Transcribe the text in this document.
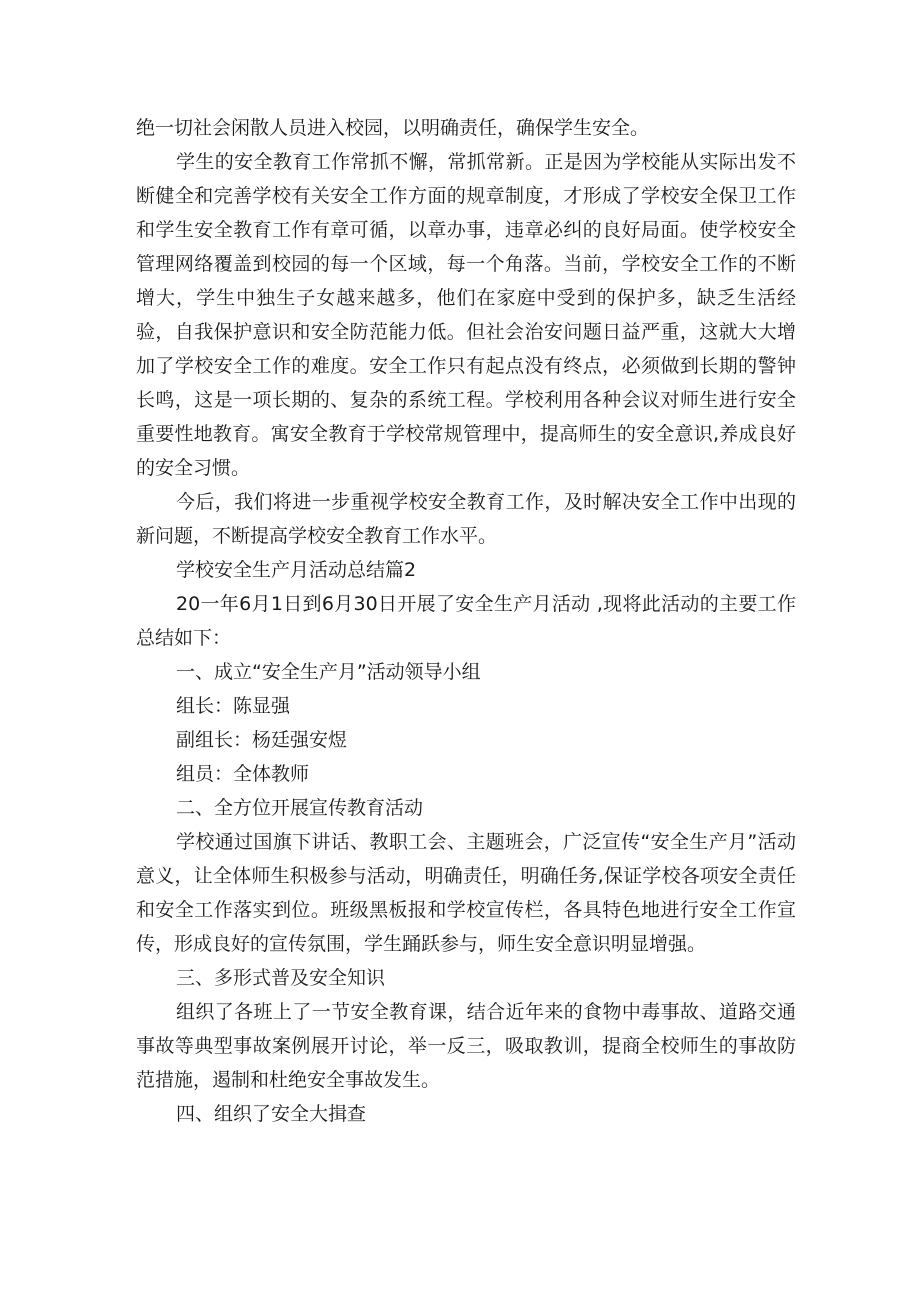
绝一切社会闲散人员进入校园，以明确责任，确保学生安全。

学生的安全教育工作常抓不懈，常抓常新。正是因为学校能从实际出发不断健全和完善学校有关安全工作方面的规章制度，才形成了学校安全保卫工作和学生安全教育工作有章可循，以章办事，违章必纠的良好局面。使学校安全管理网络覆盖到校园的每一个区域，每一个角落。当前，学校安全工作的不断增大，学生中独生子女越来越多，他们在家庭中受到的保护多，缺乏生活经验，自我保护意识和安全防范能力低。但社会治安问题日益严重，这就大大增加了学校安全工作的难度。安全工作只有起点没有终点，必须做到长期的警钟长鸣，这是一项长期的、复杂的系统工程。学校利用各种会议对师生进行安全重要性地教育。寓安全教育于学校常规管理中，提高师生的安全意识,养成良好的安全习惯。

今后，我们将进一步重视学校安全教育工作，及时解决安全工作中出现的新问题，不断提高学校安全教育工作水平。

学校安全生产月活动总结篇2

20一年6月1日到6月30日开展了安全生产月活动 ,现将此活动的主要工作总结如下：

一、成立“安全生产月”活动领导小组

组长：陈显强

副组长：杨廷强安煜

组员：全体教师

二、全方位开展宣传教育活动

学校通过国旗下讲话、教职工会、主题班会，广泛宣传“安全生产月”活动意义，让全体师生积极参与活动，明确责任，明确任务,保证学校各项安全责任和安全工作落实到位。班级黑板报和学校宣传栏，各具特色地进行安全工作宣传，形成良好的宣传氛围，学生踊跃参与，师生安全意识明显增强。

三、多形式普及安全知识

组织了各班上了一节安全教育课，结合近年来的食物中毒事故、道路交通事故等典型事故案例展开讨论，举一反三，吸取教训，提商全校师生的事故防范措施，遏制和杜绝安全事故发生。

四、组织了安全大揖查
